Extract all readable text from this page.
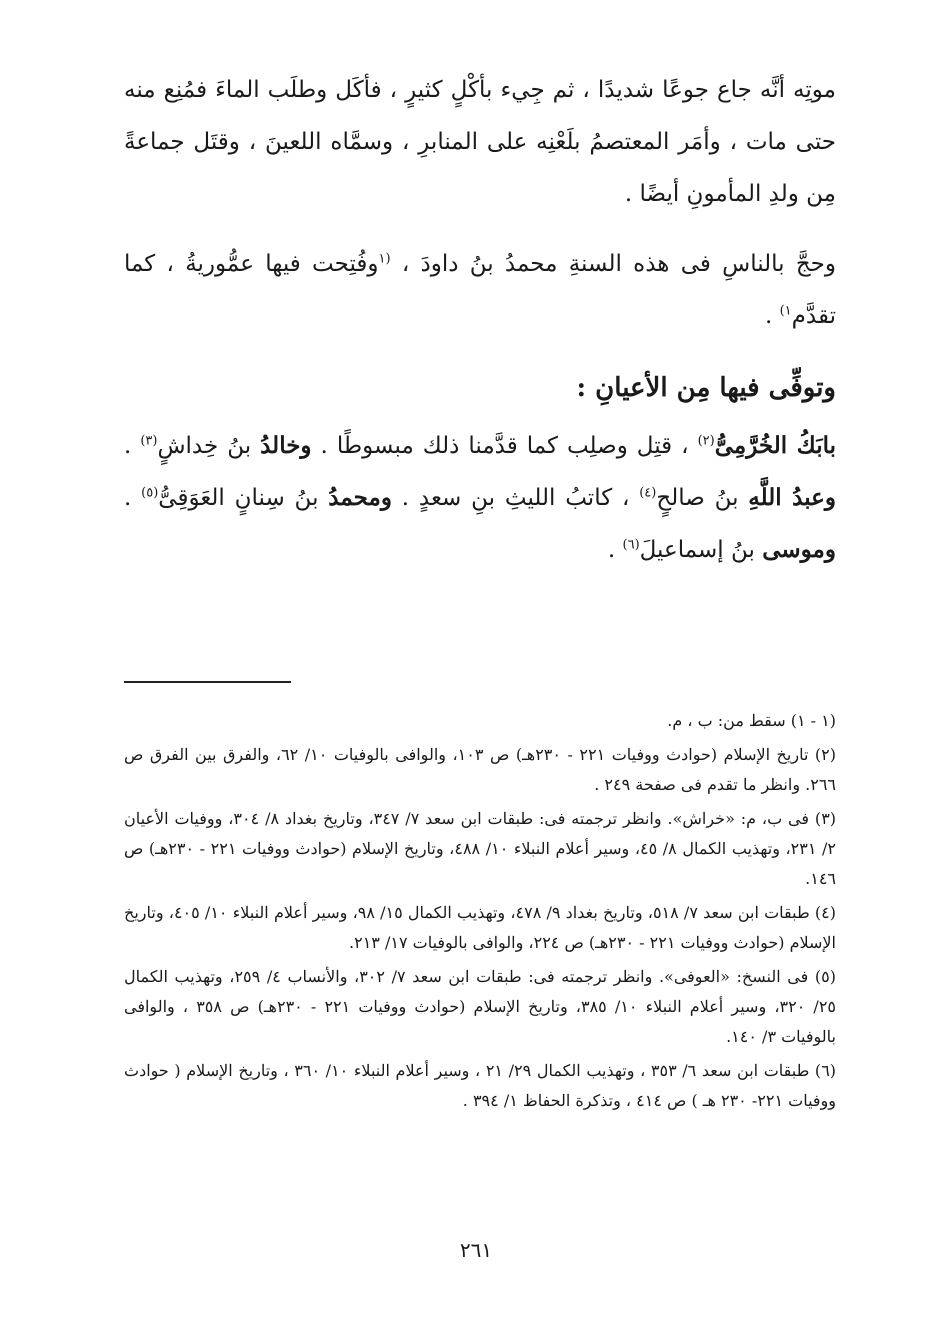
موتِه أنَّه جاع جوعًا شديدًا ، ثم جِيء بأكْلٍ كثيرٍ ، فأكَل وطلَب الماءَ فمُنِع منه حتى مات ، وأمَر المعتصمُ بلَعْنِه على المنابرِ ، وسمَّاه اللعينَ ، وقتَل جماعةً مِن ولدِ المأمونِ أيضًا .
وحجَّ بالناسِ فى هذه السنةِ محمدُ بنُ داودَ ، $^{(١}$وفُتِحت فيها عمُّوريةُ ، كما تقدَّم$^{١)}$ .
وتوفِّى فيها مِن الأعيانِ :
بابَكُ الخُرَّمِىُّ$^{(٢)}$ ، قتِل وصلِب كما قدَّمنا ذلك مبسوطًا . وخالدُ بنُ خِداشٍ$^{(٣)}$ . وعبدُ اللَّهِ بنُ صالحٍ$^{(٤)}$ ، كاتبُ الليثِ بنِ سعدٍ . ومحمدُ بنُ سِنانٍ العَوَقِىُّ$^{(٥)}$ . وموسى بنُ إسماعيلَ$^{(٦)}$ .

(١ - ١) سقط من: ب ، م.

(٢) تاريخ الإسلام (حوادث ووفيات ٢٢١ - ٢٣٠هـ) ص ١٠٣، والوافى بالوفيات ١٠/ ٦٢، والفرق بين الفرق ص ٢٦٦. وانظر ما تقدم فى صفحة ٢٤٩ .

(٣) فى ب، م: «خراش». وانظر ترجمته فى: طبقات ابن سعد ٧/ ٣٤٧، وتاريخ بغداد ٨/ ٣٠٤، ووفيات الأعيان ٢/ ٢٣١، وتهذيب الكمال ٨/ ٤٥، وسير أعلام النبلاء ١٠/ ٤٨٨، وتاريخ الإسلام (حوادث ووفيات ٢٢١ - ٢٣٠هـ) ص ١٤٦.

(٤) طبقات ابن سعد ٧/ ٥١٨، وتاريخ بغداد ٩/ ٤٧٨، وتهذيب الكمال ١٥/ ٩٨، وسير أعلام النبلاء ١٠/ ٤٠٥، وتاريخ الإسلام (حوادث ووفيات ٢٢١ - ٢٣٠هـ) ص ٢٢٤، والوافى بالوفيات ١٧/ ٢١٣.

(٥) فى النسخ: «العوفى». وانظر ترجمته فى: طبقات ابن سعد ٧/ ٣٠٢، والأنساب ٤/ ٢٥٩، وتهذيب الكمال ٢٥/ ٣٢٠، وسير أعلام النبلاء ١٠/ ٣٨٥، وتاريخ الإسلام (حوادث ووفيات ٢٢١ - ٢٣٠هـ) ص ٣٥٨ ، والوافى بالوفيات ٣/ ١٤٠.

(٦) طبقات ابن سعد ٦/ ٣٥٣ ، وتهذيب الكمال ٢٩/ ٢١ ، وسير أعلام النبلاء ١٠/ ٣٦٠ ، وتاريخ الإسلام ( حوادث ووفيات ٢٢١- ٢٣٠ هـ ) ص ٤١٤ ، وتذكرة الحفاظ ١/ ٣٩٤ .

٢٦١
